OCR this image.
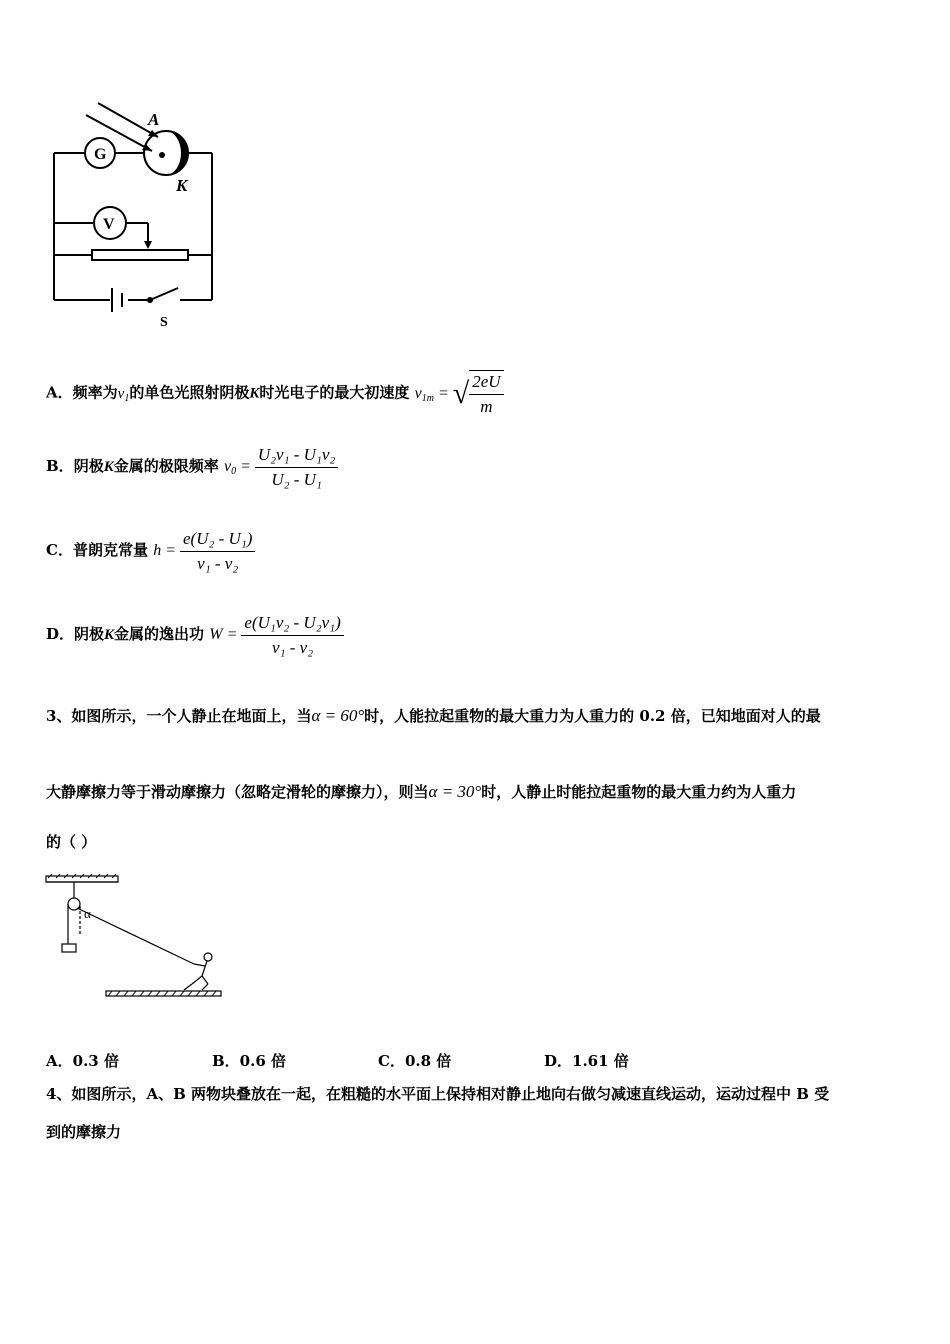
A
K
G
V
S
A．频率为$v_1$的单色光照射阴极K时光电子的最大初速度 $v_{1m}$ = √ $\frac{2eU}{m}$
B．阴极K金属的极限频率 $v_0 = \frac{\text{U₂v₁ - U₁v₂}}{\text{U₂ - U₁}}$
C．普朗克常量 $h = \frac{\text{e(U₂ - U₁)}}{\text{v₁ - v₂}}$
D．阴极K金属的逸出功 $W = \frac{\text{e(U₁v₂ - U₂v₁)}}{\text{v₁ - v₂}}$
3、如图所示，一个人静止在地面上，当α = 60°时，人能拉起重物的最大重力为人重力的 0.2 倍，已知地面对人的最
大静摩擦力等于滑动摩擦力（忽略定滑轮的摩擦力），则当α = 30°时，人静止时能拉起重物的最大重力约为人重力
的（ ）
α
A．0.3 倍	B．0.6 倍	C．0.8 倍	D．1.61 倍
4、如图所示，A、B 两物块叠放在一起，在粗糙的水平面上保持相对静止地向右做匀减速直线运动，运动过程中 B 受
到的摩擦力
